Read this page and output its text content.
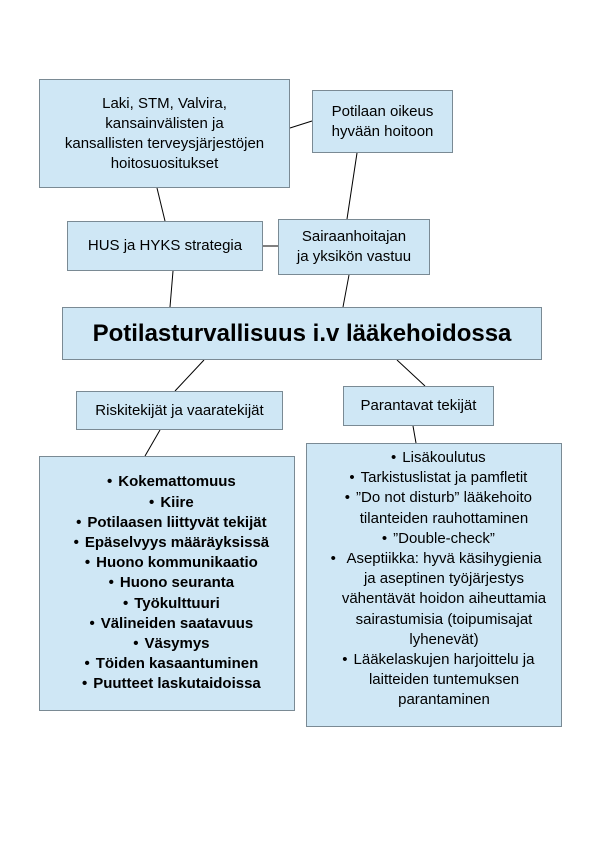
Laki, STM, Valvira,
kansainvälisten ja
kansallisten terveysjärjestöjen
hoitosuositukset
Potilaan oikeus
hyvään hoitoon
HUS ja HYKS strategia
Sairaanhoitajan
ja yksikön vastuu
Potilasturvallisuus i.v lääkehoidossa
Riskitekijät ja vaaratekijät	Parantavat tekijät
• Kokemattomuus
• Kiire
• Potilaasen liittyvät tekijät
• Epäselvyys määräyksissä
• Huono kommunikaatio
• Huono seuranta
• Työkulttuuri
• Välineiden saatavuus
• Väsymys
• Töiden kasaantuminen
• Puutteet laskutaidoissa
• Lisäkoulutus
• Tarkistuslistat ja pamfletit
• ”Do not disturb” lääkehoito
tilanteiden rauhottaminen
• ”Double-check”
• Aseptiikka: hyvä käsihygienia
ja aseptinen työjärjestys
vähentävät hoidon aiheuttamia
sairastumisia (toipumisajat
lyhenevät)
• Lääkelaskujen harjoittelu ja
laitteiden tuntemuksen
parantaminen
